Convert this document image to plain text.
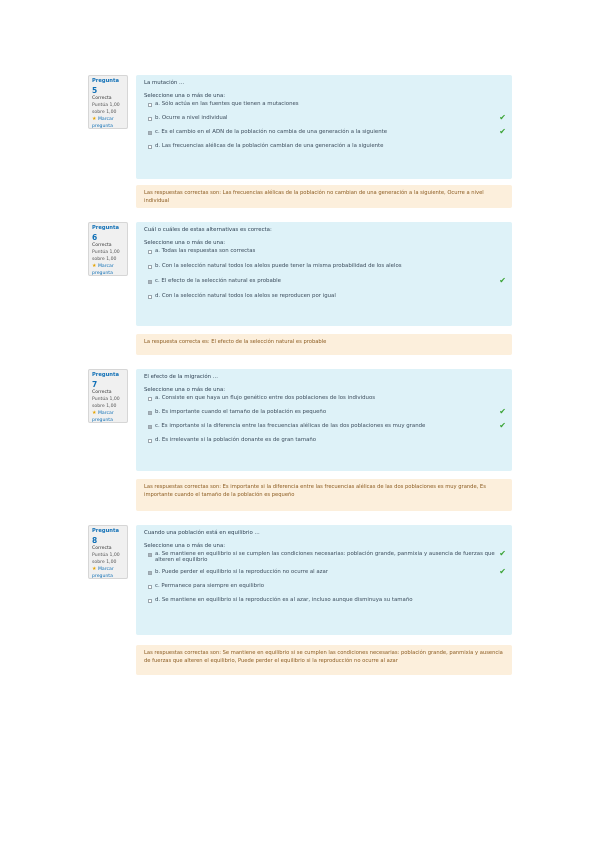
Pregunta 5
Correcta
Puntúa 1,00 sobre 1,00
★ Marcar pregunta
La mutación ...
Seleccione una o más de una:
a. Sólo actúa en las fuentes que tienen a mutaciones
b. Ocurre a nivel individual	✔
c. Es el cambio en el ADN de la población no cambia de una generación a la siguiente	✔
d. Las frecuencias alélicas de la población cambian de una generación a la siguiente
Las respuestas correctas son: Las frecuencias alélicas de la población no cambian de una generación a la siguiente, Ocurre a nivel individual
Pregunta 6
Correcta
Puntúa 1,00 sobre 1,00
★ Marcar pregunta
Cuál o cuáles de estas alternativas es correcta:
Seleccione una o más de una:
a. Todas las respuestas son correctas
b. Con la selección natural todos los alelos puede tener la misma probabilidad de los alelos
c. El efecto de la selección natural es probable	✔
d. Con la selección natural todos los alelos se reproducen por igual
La respuesta correcta es: El efecto de la selección natural es probable
Pregunta 7
Correcta
Puntúa 1,00 sobre 1,00
★ Marcar pregunta
El efecto de la migración ...
Seleccione una o más de una:
a. Consiste en que haya un flujo genético entre dos poblaciones de los individuos
b. Es importante cuando el tamaño de la población es pequeño	✔
c. Es importante si la diferencia entre las frecuencias alélicas de las dos poblaciones es muy grande	✔
d. Es irrelevante si la población donante es de gran tamaño
Las respuestas correctas son: Es importante si la diferencia entre las frecuencias alélicas de las dos poblaciones es muy grande, Es importante cuando el tamaño de la población es pequeño
Pregunta 8
Correcta
Puntúa 1,00 sobre 1,00
★ Marcar pregunta
Cuando una población está en equilibrio ...
Seleccione una o más de una:
a. Se mantiene en equilibrio si se cumplen las condiciones necesarias: población grande, panmixia y ausencia de fuerzas que alteren el equilibrio
✔
b. Puede perder el equilibrio si la reproducción no ocurre al azar	✔
c. Permanece para siempre en equilibrio
d. Se mantiene en equilibrio si la reproducción es al azar, incluso aunque disminuya su tamaño
Las respuestas correctas son: Se mantiene en equilibrio si se cumplen las condiciones necesarias: población grande, panmixia y ausencia de fuerzas que alteren el equilibrio, Puede perder el equilibrio si la reproducción no ocurre al azar
